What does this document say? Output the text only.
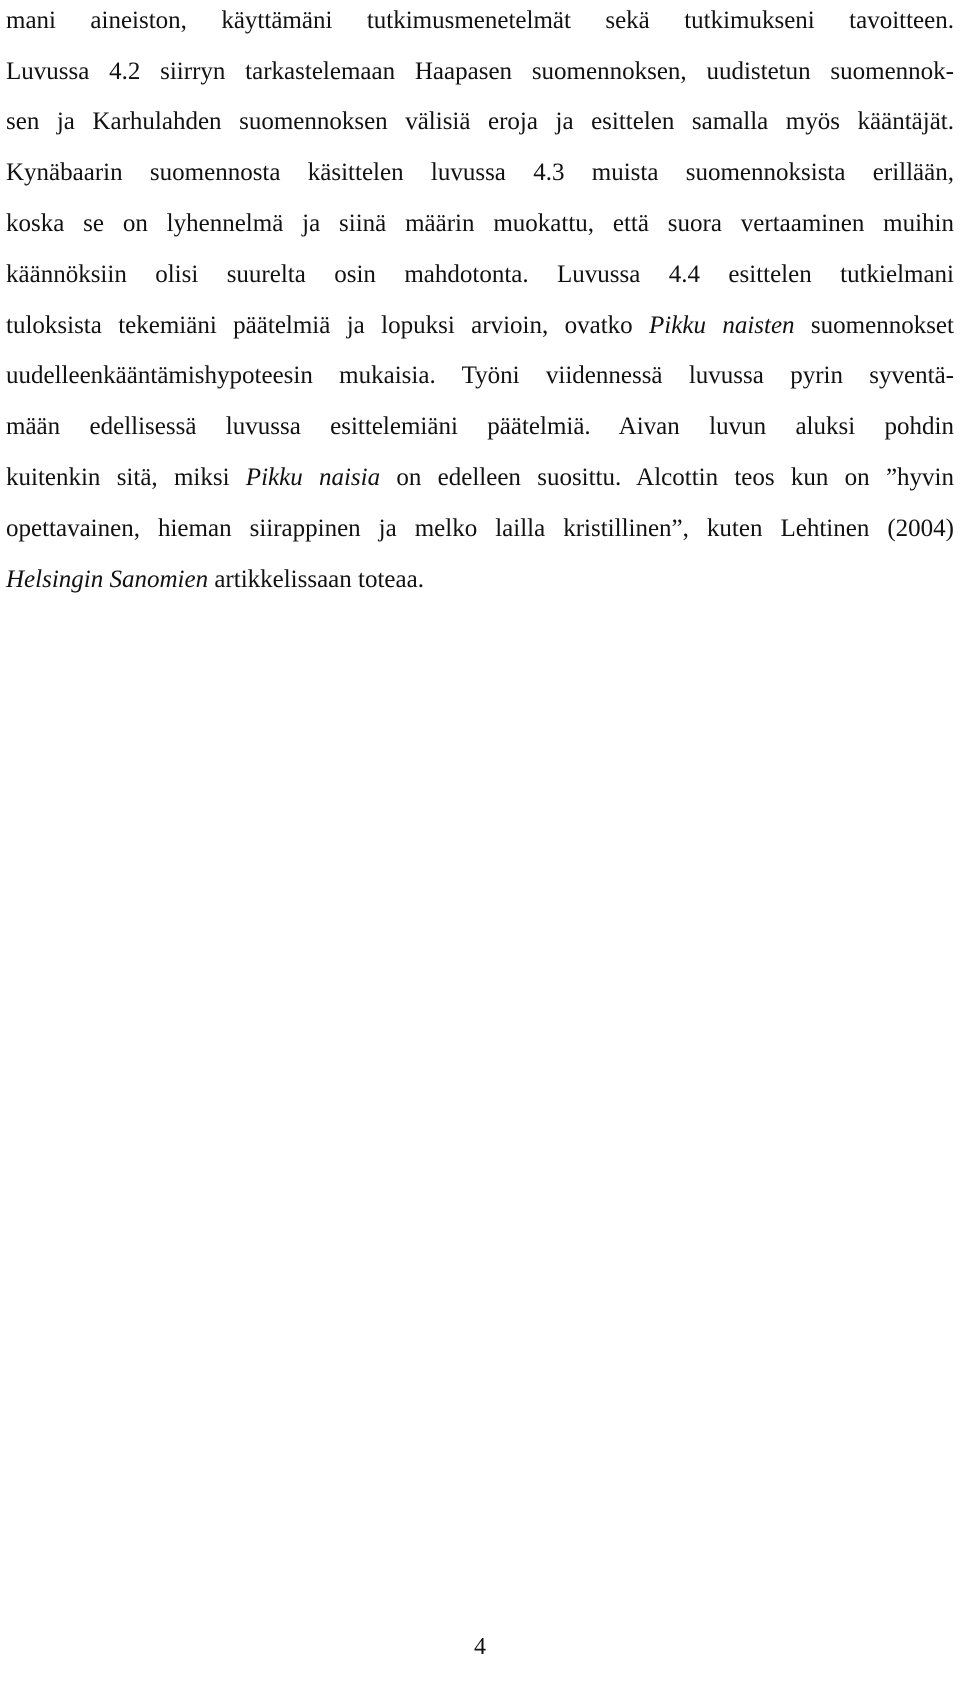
mani aineiston, käyttämäni tutkimusmenetelmät sekä tutkimukseni tavoitteen.
Luvussa 4.2 siirryn tarkastelemaan Haapasen suomennoksen, uudistetun suomennok-
sen ja Karhulahden suomennoksen välisiä eroja ja esittelen samalla myös kääntäjät.
Kynäbaarin suomennosta käsittelen luvussa 4.3 muista suomennoksista erillään,
koska se on lyhennelmä ja siinä määrin muokattu, että suora vertaaminen muihin
käännöksiin olisi suurelta osin mahdotonta. Luvussa 4.4 esittelen tutkielmani
tuloksista tekemiäni päätelmiä ja lopuksi arvioin, ovatko Pikku naisten suomennokset
uudelleenkääntämishypoteesin mukaisia. Työni viidennessä luvussa pyrin syventä-
mään edellisessä luvussa esittelemiäni päätelmiä. Aivan luvun aluksi pohdin
kuitenkin sitä, miksi Pikku naisia on edelleen suosittu. Alcottin teos kun on ”hyvin
opettavainen, hieman siirappinen ja melko lailla kristillinen”, kuten Lehtinen (2004)
Helsingin Sanomien artikkelissaan toteaa.
4
